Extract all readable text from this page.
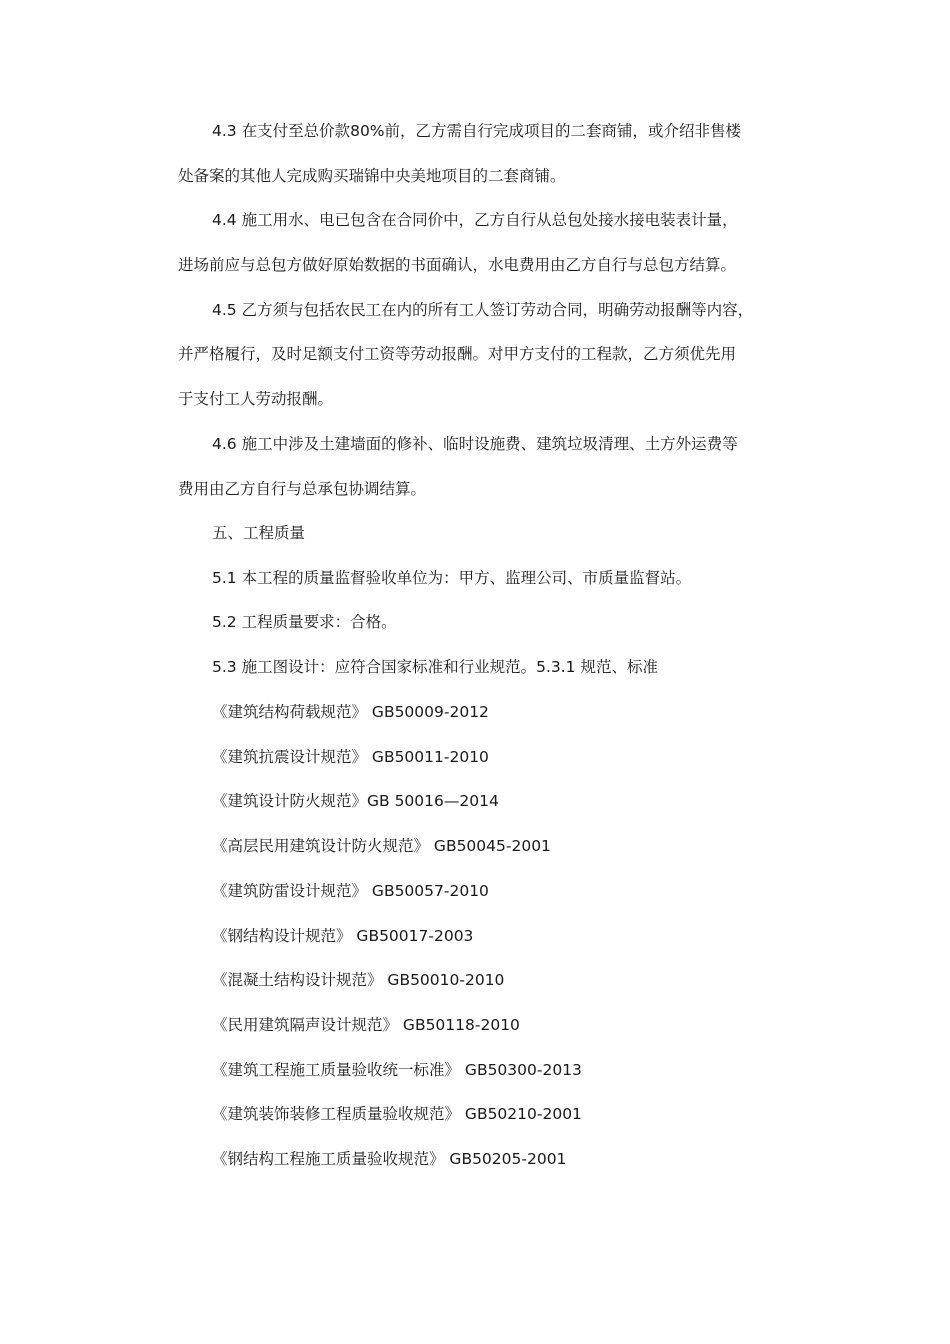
4.3 在支付至总价款80%前，乙方需自行完成项目的二套商铺，或介绍非售楼
处备案的其他人完成购买瑞锦中央美地项目的二套商铺。
4.4 施工用水、电已包含在合同价中，乙方自行从总包处接水接电装表计量，
进场前应与总包方做好原始数据的书面确认，水电费用由乙方自行与总包方结算。
4.5 乙方须与包括农民工在内的所有工人签订劳动合同，明确劳动报酬等内容，
并严格履行，及时足额支付工资等劳动报酬。对甲方支付的工程款，乙方须优先用
于支付工人劳动报酬。
4.6 施工中涉及土建墙面的修补、临时设施费、建筑垃圾清理、土方外运费等
费用由乙方自行与总承包协调结算。
五、工程质量
5.1 本工程的质量监督验收单位为：甲方、监理公司、市质量监督站。
5.2 工程质量要求：合格。
5.3 施工图设计：应符合国家标准和行业规范。5.3.1 规范、标准
《建筑结构荷载规范》 GB50009-2012
《建筑抗震设计规范》 GB50011-2010
《建筑设计防火规范》GB 50016—2014
《高层民用建筑设计防火规范》 GB50045-2001
《建筑防雷设计规范》 GB50057-2010
《钢结构设计规范》 GB50017-2003
《混凝土结构设计规范》 GB50010-2010
《民用建筑隔声设计规范》 GB50118-2010
《建筑工程施工质量验收统一标准》 GB50300-2013
《建筑装饰装修工程质量验收规范》 GB50210-2001
《钢结构工程施工质量验收规范》 GB50205-2001
